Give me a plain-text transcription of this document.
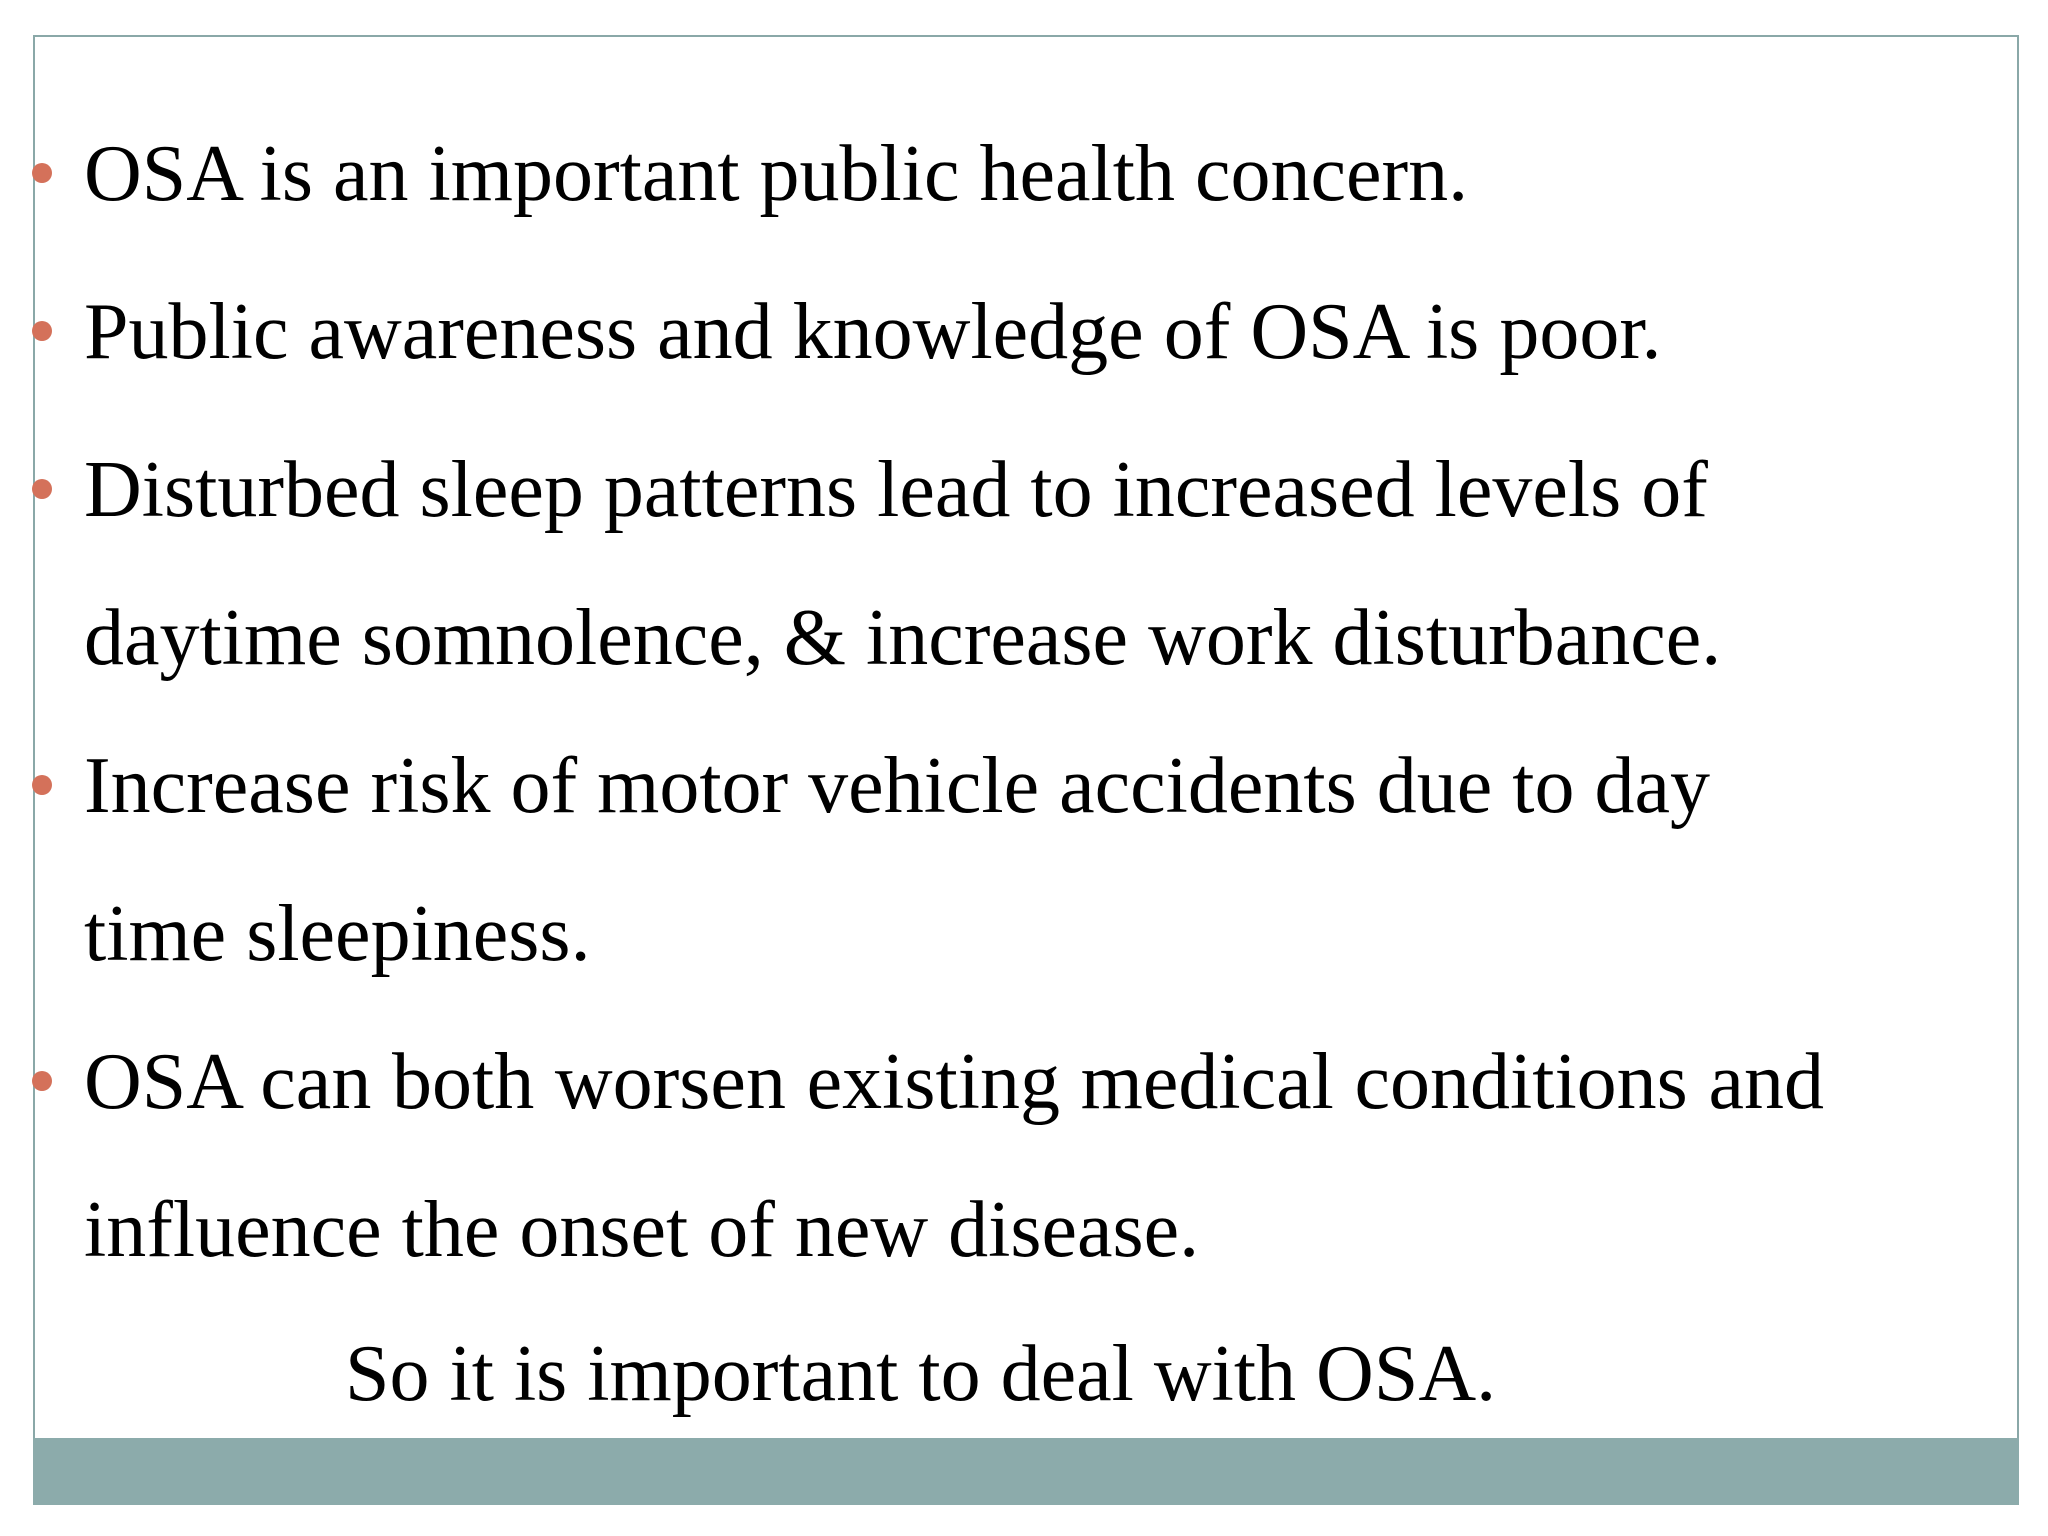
OSA is an important public health concern.

Public awareness and knowledge of OSA is poor.

Disturbed sleep patterns lead to increased levels of daytime somnolence, & increase work disturbance.

Increase risk of motor vehicle accidents due to day time sleepiness.

OSA can both worsen existing medical conditions and influence the onset of new disease.

So it is important to deal with OSA.
